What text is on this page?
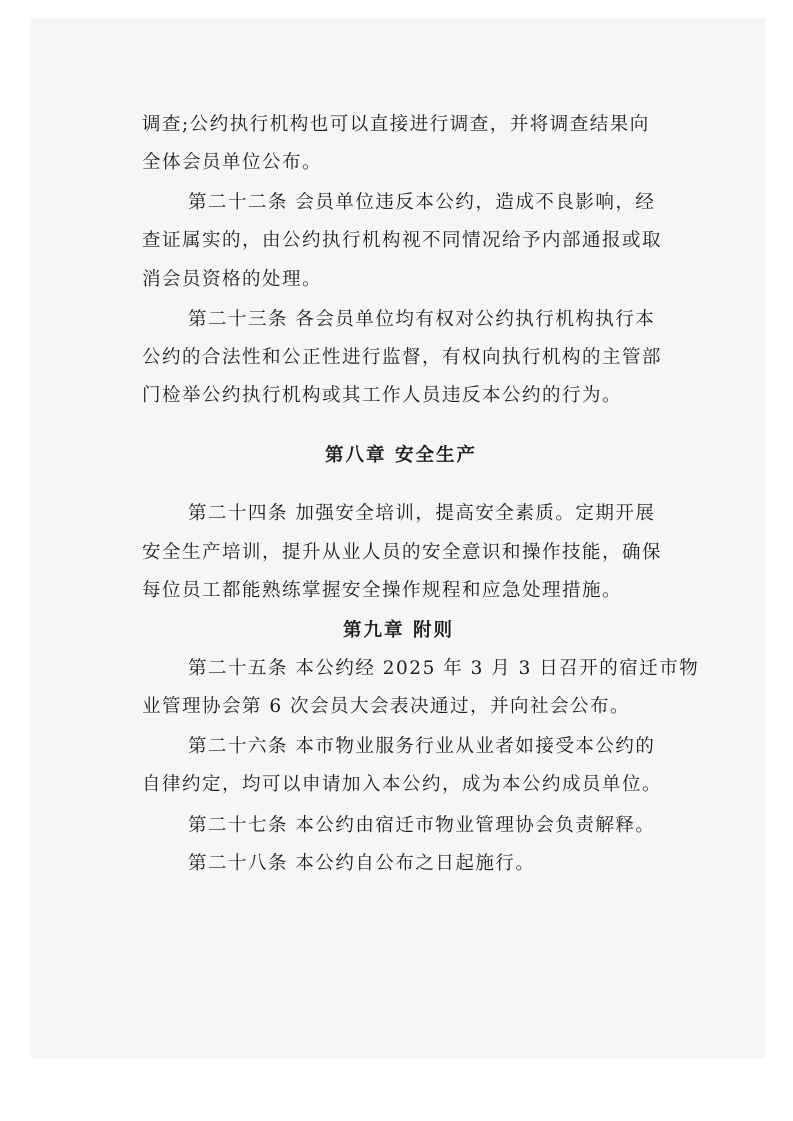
调查;公约执行机构也可以直接进行调查，并将调查结果向
全体会员单位公布。
第二十二条 会员单位违反本公约，造成不良影响，经
查证属实的，由公约执行机构视不同情况给予内部通报或取
消会员资格的处理。
第二十三条 各会员单位均有权对公约执行机构执行本
公约的合法性和公正性进行监督，有权向执行机构的主管部
门检举公约执行机构或其工作人员违反本公约的行为。
第八章 安全生产
第二十四条 加强安全培训，提高安全素质。定期开展
安全生产培训，提升从业人员的安全意识和操作技能，确保
每位员工都能熟练掌握安全操作规程和应急处理措施。
第九章 附则
第二十五条 本公约经 2025 年 3 月 3 日召开的宿迁市物
业管理协会第 6 次会员大会表决通过，并向社会公布。
第二十六条 本市物业服务行业从业者如接受本公约的
自律约定，均可以申请加入本公约，成为本公约成员单位。
第二十七条 本公约由宿迁市物业管理协会负责解释。
第二十八条 本公约自公布之日起施行。
